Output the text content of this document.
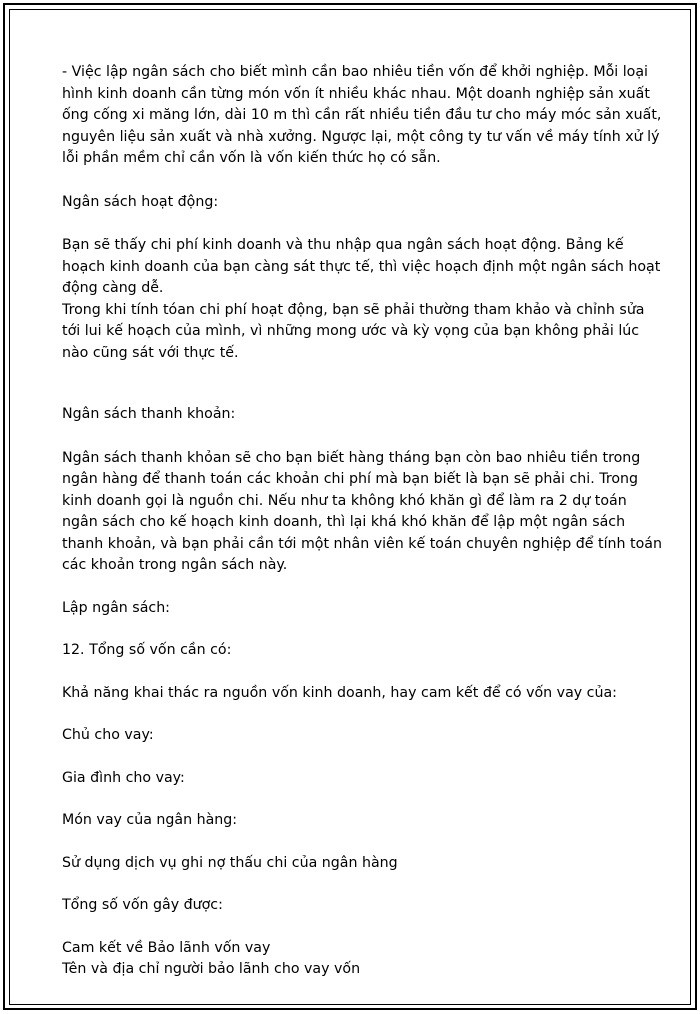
- Việc lập ngân sách cho biết mình cần bao nhiêu tiền vốn để khởi nghiệp. Mỗi loại

hình kinh doanh cần từng món vốn ít nhiều khác nhau. Một doanh nghiệp sản xuất

ống cống xi măng lớn, dài 10 m thì cần rất nhiều tiền đầu tư cho máy móc sản xuất,

nguyên liệu sản xuất và nhà xưởng. Ngược lại, một công ty tư vấn về máy tính xử lý

lỗi phần mềm chỉ cần vốn là vốn kiến thức họ có sẵn.

Ngân sách hoạt động:

Bạn sẽ thấy chi phí kinh doanh và thu nhập qua ngân sách hoạt động. Bảng kế

hoạch kinh doanh của bạn càng sát thực tế, thì việc hoạch định một ngân sách hoạt

động càng dễ.

Trong khi tính tóan chi phí hoạt động, bạn sẽ phải thường tham khảo và chỉnh sửa

tới lui kế hoạch của mình, vì những mong ước và kỳ vọng của bạn không phải lúc

nào cũng sát với thực tế.

Ngân sách thanh khoản:

Ngân sách thanh khỏan sẽ cho bạn biết hàng tháng bạn còn bao nhiêu tiền trong

ngân hàng để thanh toán các khoản chi phí mà bạn biết là bạn sẽ phải chi. Trong

kinh doanh gọi là nguồn chi. Nếu như ta không khó khăn gì để làm ra 2 dự toán

ngân sách cho kế hoạch kinh doanh, thì lại khá khó khăn để lập một ngân sách

thanh khoản, và bạn phải cần tới một nhân viên kế toán chuyên nghiệp để tính toán

các khoản trong ngân sách này.

Lập ngân sách:

12. Tổng số vốn cần có:

Khả năng khai thác ra nguồn vốn kinh doanh, hay cam kết để có vốn vay của:

Chủ cho vay:

Gia đình cho vay:

Món vay của ngân hàng:

Sử dụng dịch vụ ghi nợ thấu chi của ngân hàng

Tổng số vốn gây được:

Cam kết về Bảo lãnh vốn vay

Tên và địa chỉ người bảo lãnh cho vay vốn
